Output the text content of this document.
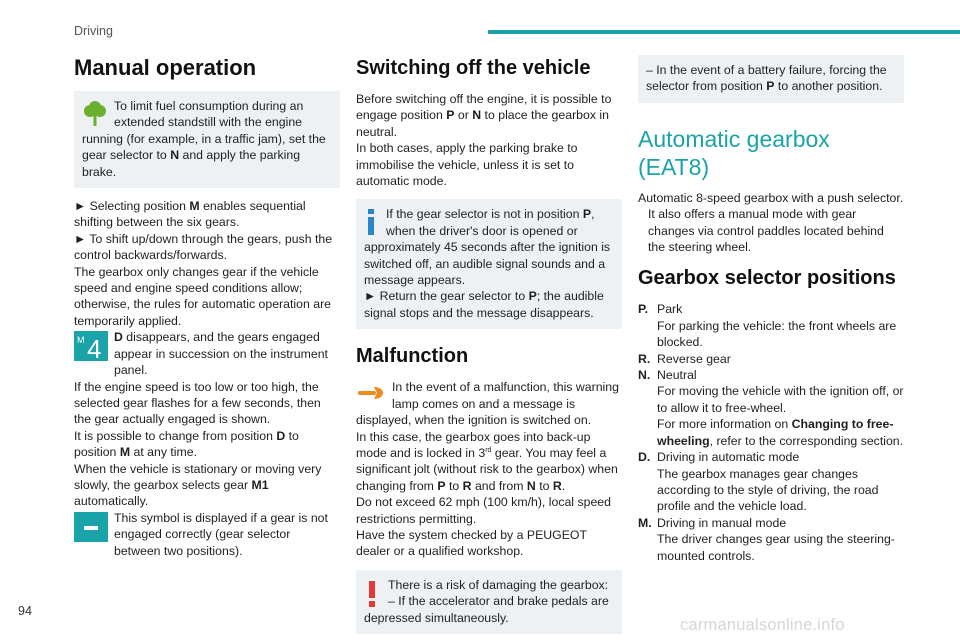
Driving
Manual operation

To limit fuel consumption during an extended standstill with the engine running (for example, in a traffic jam), set the gear selector to N and apply the parking brake.

► Selecting position M enables sequential shifting between the six gears.

► To shift up/down through the gears, push the control backwards/forwards.

The gearbox only changes gear if the vehicle speed and engine speed conditions allow; otherwise, the rules for automatic operation are temporarily applied.

M 4	D disappears, and the gears engaged appear in succession on the instrument panel.

If the engine speed is too low or too high, the selected gear flashes for a few seconds, then the gear actually engaged is shown.

It is possible to change from position D to position M at any time.

When the vehicle is stationary or moving very slowly, the gearbox selects gear M1 automatically.

This symbol is displayed if a gear is not engaged correctly (gear selector between two positions).

Switching off the vehicle

Before switching off the engine, it is possible to engage position P or N to place the gearbox in neutral.

In both cases, apply the parking brake to immobilise the vehicle, unless it is set to automatic mode.

If the gear selector is not in position P, when the driver's door is opened or approximately 45 seconds after the ignition is switched off, an audible signal sounds and a message appears.

► Return the gear selector to P; the audible signal stops and the message disappears.

Malfunction

In the event of a malfunction, this warning lamp comes on and a message is displayed, when the ignition is switched on.

In this case, the gearbox goes into back-up mode and is locked in 3rd gear. You may feel a significant jolt (without risk to the gearbox) when changing from P to R and from N to R.

Do not exceed 62 mph (100 km/h), local speed restrictions permitting.

Have the system checked by a PEUGEOT dealer or a qualified workshop.

There is a risk of damaging the gearbox:

– If the accelerator and brake pedals are depressed simultaneously.

– In the event of a battery failure, forcing the selector from position P to another position.

Automatic gearbox (EAT8)

Automatic 8-speed gearbox with a push selector.

It also offers a manual mode with gear changes via control paddles located behind the steering wheel.

Gearbox selector positions
P. Park
For parking the vehicle: the front wheels are blocked.
R. Reverse gear
N. Neutral
For moving the vehicle with the ignition off, or to allow it to free-wheel.
For more information on Changing to free-wheeling, refer to the corresponding section.
D. Driving in automatic mode
The gearbox manages gear changes according to the style of driving, the road profile and the vehicle load.
M. Driving in manual mode
The driver changes gear using the steering-mounted controls.
94
carmanualsonline.info
